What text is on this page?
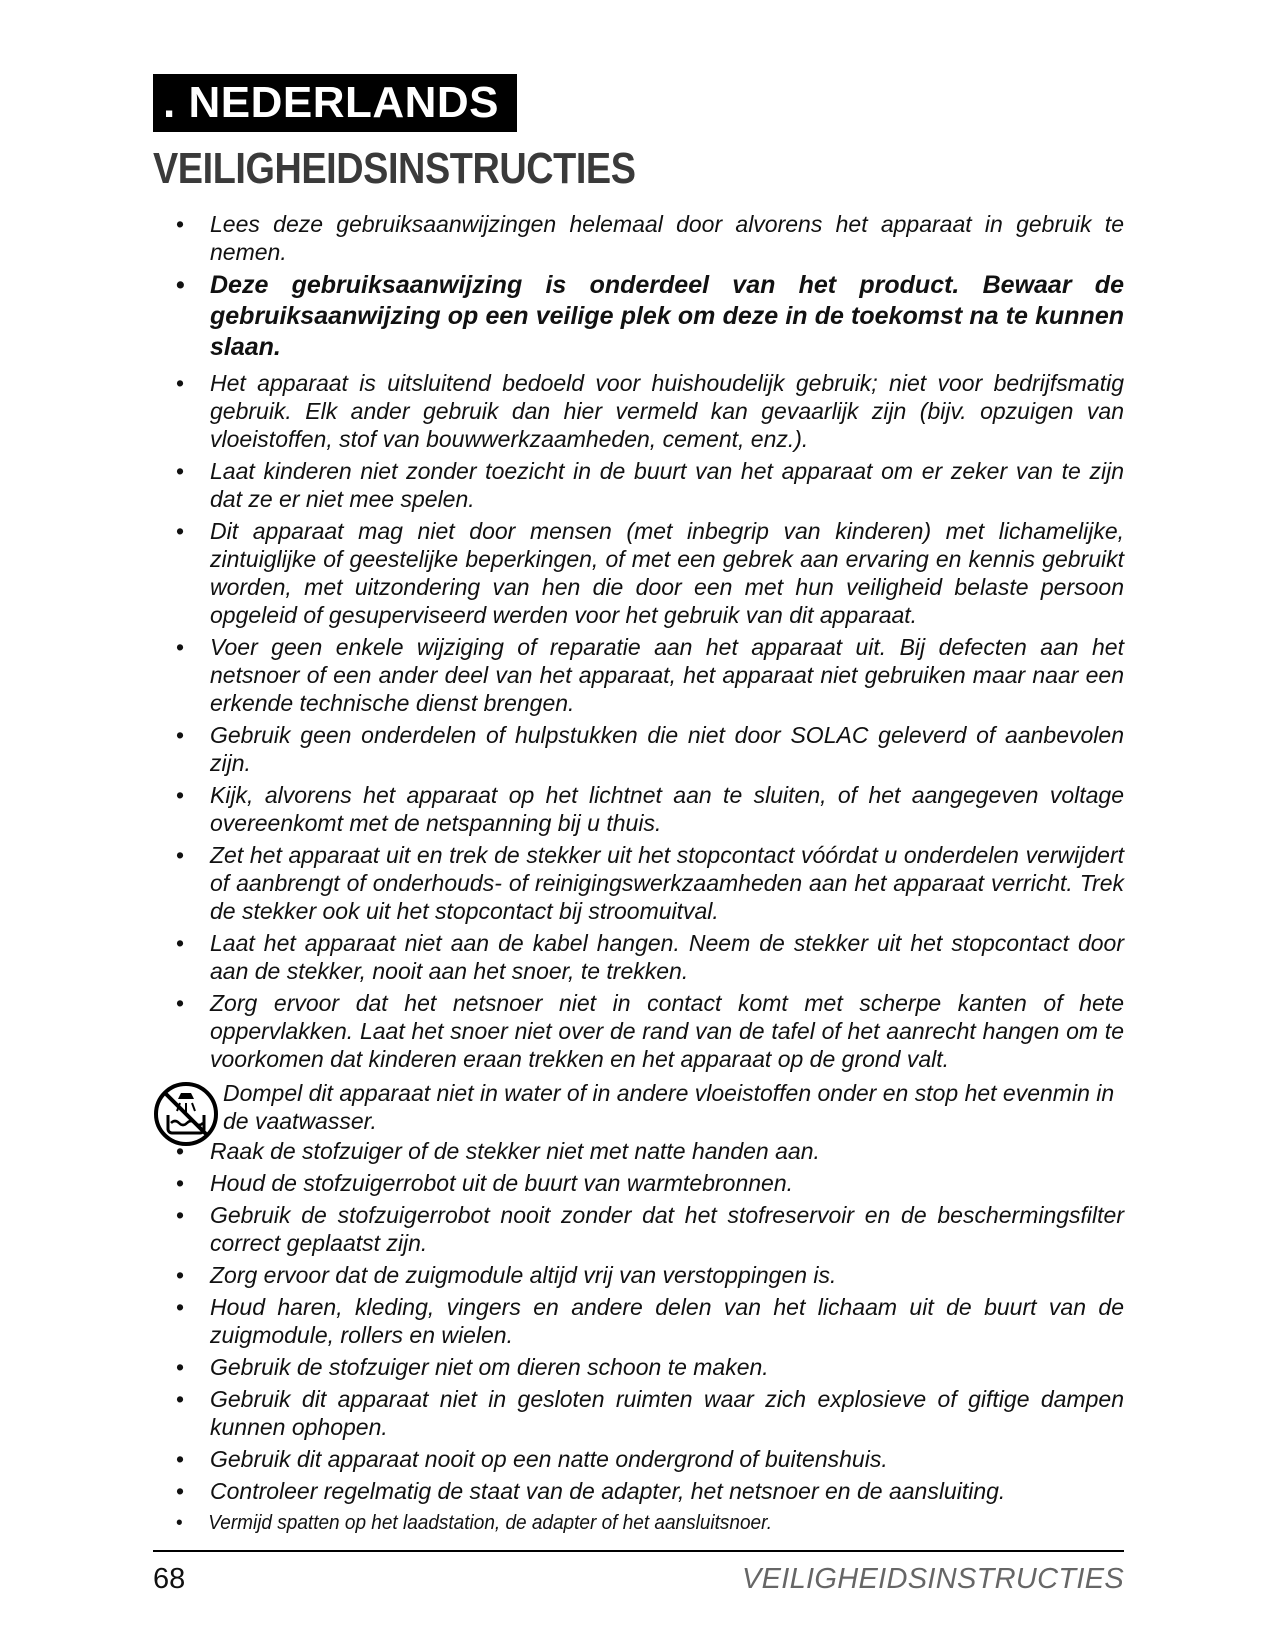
. NEDERLANDS
VEILIGHEIDSINSTRUCTIES
• Lees deze gebruiksaanwijzingen helemaal door alvorens het apparaat in gebruik te nemen.
• Deze gebruiksaanwijzing is onderdeel van het product. Bewaar de gebruiksaanwijzing op een veilige plek om deze in de toekomst na te kunnen slaan.
• Het apparaat is uitsluitend bedoeld voor huishoudelijk gebruik; niet voor bedrijfsmatig gebruik. Elk ander gebruik dan hier vermeld kan gevaarlijk zijn (bijv. opzuigen van vloeistoffen, stof van bouwwerkzaamheden, cement, enz.).
• Laat kinderen niet zonder toezicht in de buurt van het apparaat om er zeker van te zijn dat ze er niet mee spelen.
• Dit apparaat mag niet door mensen (met inbegrip van kinderen) met lichamelijke, zintuiglijke of geestelijke beperkingen, of met een gebrek aan ervaring en kennis gebruikt worden, met uitzondering van hen die door een met hun veiligheid belaste persoon opgeleid of gesuperviseerd werden voor het gebruik van dit apparaat.
• Voer geen enkele wijziging of reparatie aan het apparaat uit. Bij defecten aan het netsnoer of een ander deel van het apparaat, het apparaat niet gebruiken maar naar een erkende technische dienst brengen.
• Gebruik geen onderdelen of hulpstukken die niet door SOLAC geleverd of aanbevolen zijn.
• Kijk, alvorens het apparaat op het lichtnet aan te sluiten, of het aangegeven voltage overeenkomt met de netspanning bij u thuis.
• Zet het apparaat uit en trek de stekker uit het stopcontact vóórdat u onderdelen verwijdert of aanbrengt of onderhouds- of reinigingswerkzaamheden aan het apparaat verricht. Trek de stekker ook uit het stopcontact bij stroomuitval.
• Laat het apparaat niet aan de kabel hangen. Neem de stekker uit het stopcontact door aan de stekker, nooit aan het snoer, te trekken.
• Zorg ervoor dat het netsnoer niet in contact komt met scherpe kanten of hete oppervlakken. Laat het snoer niet over de rand van de tafel of het aanrecht hangen om te voorkomen dat kinderen eraan trekken en het apparaat op de grond valt.
Dompel dit apparaat niet in water of in andere vloeistoffen onder en stop het evenmin in de vaatwasser.
• Raak de stofzuiger of de stekker niet met natte handen aan.
• Houd de stofzuigerrobot uit de buurt van warmtebronnen.
• Gebruik de stofzuigerrobot nooit zonder dat het stofreservoir en de beschermingsfilter correct geplaatst zijn.
• Zorg ervoor dat de zuigmodule altijd vrij van verstoppingen is.
• Houd haren, kleding, vingers en andere delen van het lichaam uit de buurt van de zuigmodule, rollers en wielen.
• Gebruik de stofzuiger niet om dieren schoon te maken.
• Gebruik dit apparaat niet in gesloten ruimten waar zich explosieve of giftige dampen kunnen ophopen.
• Gebruik dit apparaat nooit op een natte ondergrond of buitenshuis.
• Controleer regelmatig de staat van de adapter, het netsnoer en de aansluiting.
• Vermijd spatten op het laadstation, de adapter of het aansluitsnoer.
68	VEILIGHEIDSINSTRUCTIES
